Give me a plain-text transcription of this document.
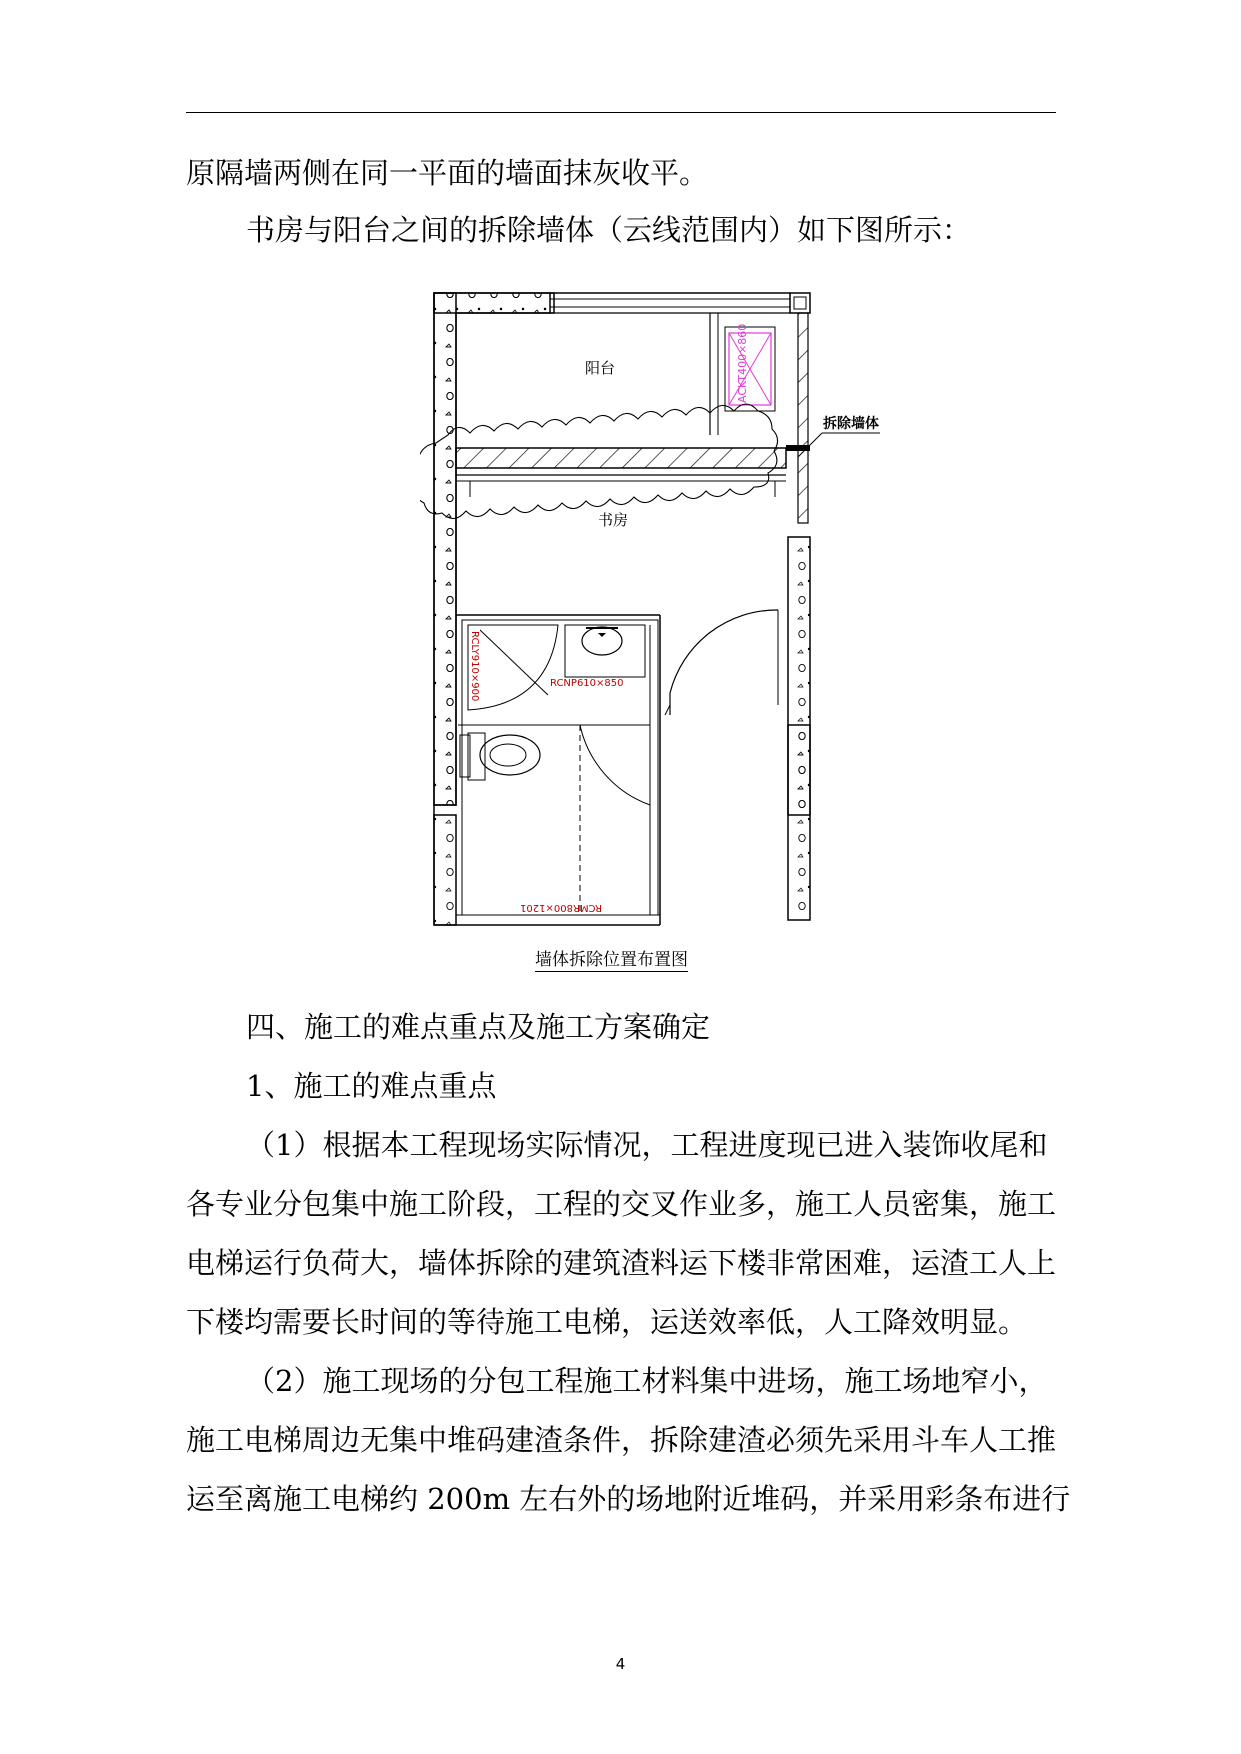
原隔墙两侧在同一平面的墙面抹灰收平。

书房与阳台之间的拆除墙体（云线范围内）如下图所示：

ACKT400×860
阳台
拆除墙体
书房
RCLY910×900	RCNP610×850
RCMR800×1201
墙体拆除位置布置图

四、施工的难点重点及施工方案确定

1、施工的难点重点

（1）根据本工程现场实际情况，工程进度现已进入装饰收尾和

各专业分包集中施工阶段，工程的交叉作业多，施工人员密集，施工

电梯运行负荷大，墙体拆除的建筑渣料运下楼非常困难，运渣工人上

下楼均需要长时间的等待施工电梯，运送效率低，人工降效明显。

（2）施工现场的分包工程施工材料集中进场，施工场地窄小，

施工电梯周边无集中堆码建渣条件，拆除建渣必须先采用斗车人工推

运至离施工电梯约 200m 左右外的场地附近堆码，并采用彩条布进行

4
